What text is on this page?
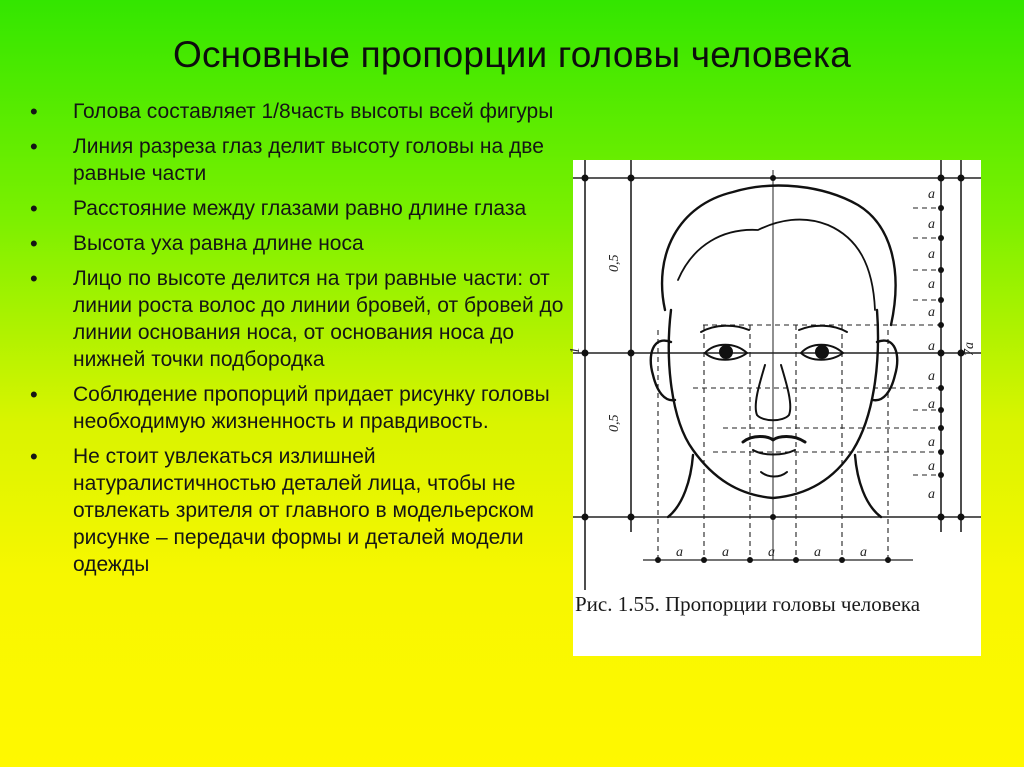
Основные пропорции головы человека
• Голова составляет 1/8часть высоты всей фигуры
• Линия разреза глаз делит высоту головы на две равные части
• Расстояние между глазами равно длине глаза
• Высота уха равна длине носа
• Лицо по высоте делится на три равные части: от линии роста волос до линии бровей, от бровей до линии основания носа, от основания носа до нижней точки подбородка
• Соблюдение пропорций придает рисунку головы необходимую жизненность и правдивость.
• Не стоит увлекаться излишней натуралистичностью деталей лица, чтобы не отвлекать зрителя от главного в модельерском рисунке – передачи формы и деталей модели одежды
0,5
0,5
1	7a
a
a
a
a
a
a
a
a
a
a
a
a	a	a	a	a
Рис. 1.55. Пропорции головы человека
